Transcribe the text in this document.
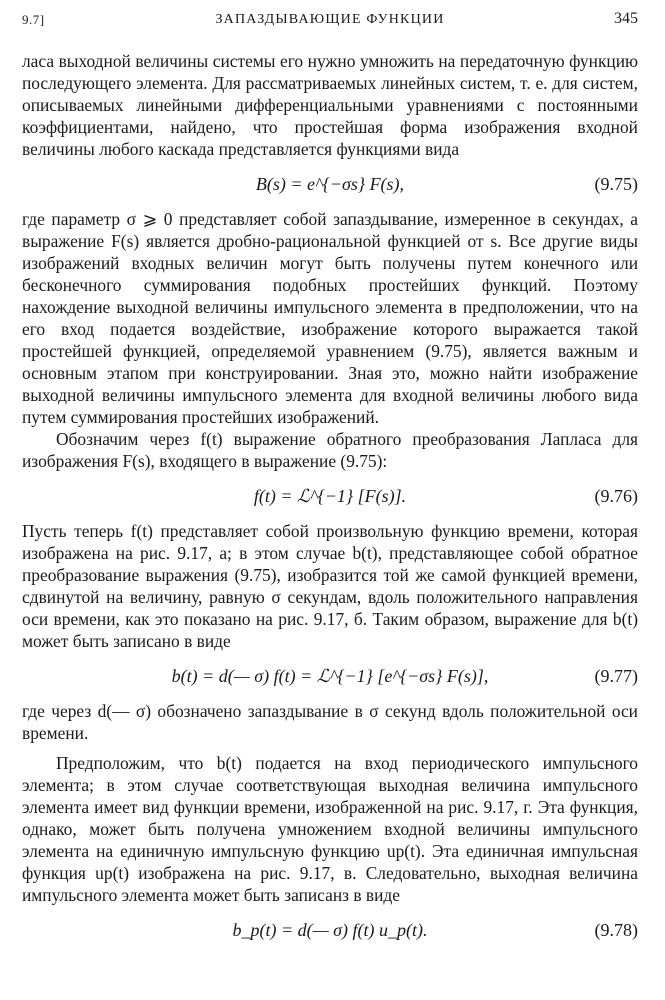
9.7]	ЗАПАЗДЫВАЮЩИЕ ФУНКЦИИ	345

ласа выходной величины системы его нужно умножить на передаточную функцию последующего элемента. Для рассматриваемых линейных систем, т. е. для систем, описываемых линейными дифференциальными уравнениями с постоянными коэффициентами, найдено, что простейшая форма изображения входной величины любого каскада представляется функциями вида

B(s) = e^{−σs} F(s),	(9.75)

где параметр σ ⩾ 0 представляет собой запаздывание, измеренное в секундах, а выражение F(s) является дробно-рациональной функцией от s. Все другие виды изображений входных величин могут быть получены путем конечного или бесконечного суммирования подобных простейших функций. Поэтому нахождение выходной величины импульсного элемента в предположении, что на его вход подается воздействие, изображение которого выражается такой простейшей функцией, определяемой уравнением (9.75), является важным и основным этапом при конструировании. Зная это, можно найти изображение выходной величины импульсного элемента для входной величины любого вида путем суммирования простейших изображений.

Обозначим через f(t) выражение обратного преобразования Лапласа для изображения F(s), входящего в выражение (9.75):

f(t) = ℒ^{−1} [F(s)].	(9.76)

Пусть теперь f(t) представляет собой произвольную функцию времени, которая изображена на рис. 9.17, а; в этом случае b(t), представляющее собой обратное преобразование выражения (9.75), изобразится той же самой функцией времени, сдвинутой на величину, равную σ секундам, вдоль положительного направления оси времени, как это показано на рис. 9.17, б. Таким образом, выражение для b(t) может быть записано в виде

b(t) = d(— σ) f(t) = ℒ^{−1} [e^{−σs} F(s)],	(9.77)

где через d(— σ) обозначено запаздывание в σ секунд вдоль положительной оси времени.

Предположим, что b(t) подается на вход периодического импульсного элемента; в этом случае соответствующая выходная величина импульсного элемента имеет вид функции времени, изображенной на рис. 9.17, г. Эта функция, однако, может быть получена умножением входной величины импульсного элемента на единичную импульсную функцию up(t). Эта единичная импульсная функция up(t) изображена на рис. 9.17, в. Следовательно, выходная величина импульсного элемента может быть записанз в виде

b_p(t) = d(— σ) f(t) u_p(t).	(9.78)
